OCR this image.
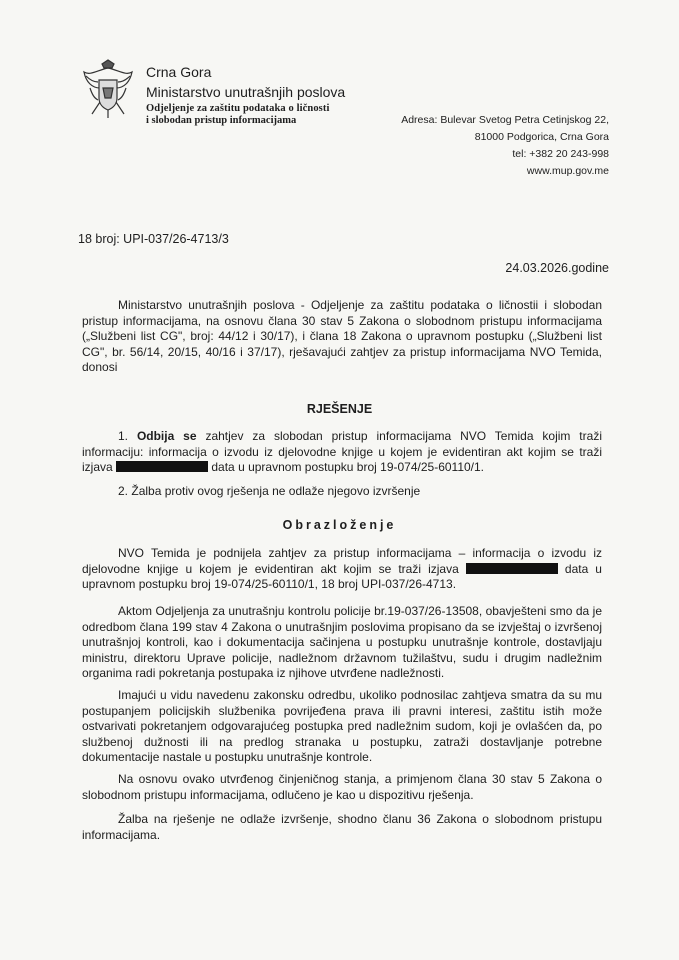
Crna Gora
Ministarstvo unutrašnjih poslova
Odjeljenje za zaštitu podataka o ličnosti
i slobodan pristup informacijama	Adresa: Bulevar Svetog Petra Cetinjskog 22,
81000 Podgorica, Crna Gora
tel: +382 20 243-998
www.mup.gov.me
18 broj: UPI-037/26-4713/3
24.03.2026.godine
Ministarstvo unutrašnjih poslova - Odjeljenje za zaštitu podataka o ličnostii i slobodan pristup informacijama, na osnovu člana 30 stav 5 Zakona o slobodnom pristupu informacijama („Službeni list CG", broj: 44/12 i 30/17), i člana 18 Zakona o upravnom postupku („Službeni list CG", br. 56/14, 20/15, 40/16 i 37/17), rješavajući zahtjev za pristup informacijama NVO Temida, donosi
RJEŠENJE
1. Odbija se zahtjev za slobodan pristup informacijama NVO Temida kojim traži informaciju: informacija o izvodu iz djelovodne knjige u kojem je evidentiran akt kojim se traži izjava	data u upravnom postupku broj 19-074/25-60110/1.
2. Žalba protiv ovog rješenja ne odlaže njegovo izvršenje
Obrazloženje
NVO Temida je podnijela zahtjev za pristup informacijama – informacija o izvodu iz djelovodne knjige u kojem je evidentiran akt kojim se traži izjava	data u upravnom postupku broj 19-074/25-60110/1, 18 broj UPI-037/26-4713.
Aktom Odjeljenja za unutrašnju kontrolu policije br.19-037/26-13508, obavješteni smo da je odredbom člana 199 stav 4 Zakona o unutrašnjim poslovima propisano da se izvještaj o izvršenoj unutrašnjoj kontroli, kao i dokumentacija sačinjena u postupku unutrašnje kontrole, dostavljaju ministru, direktoru Uprave policije, nadležnom državnom tužilaštvu, sudu i drugim nadležnim organima radi pokretanja postupaka iz njihove utvrđene nadležnosti.
Imajući u vidu navedenu zakonsku odredbu, ukoliko podnosilac zahtjeva smatra da su mu postupanjem policijskih službenika povrijeđena prava ili pravni interesi, zaštitu istih može ostvarivati pokretanjem odgovarajućeg postupka pred nadležnim sudom, koji je ovlašćen da, po službenoj dužnosti ili na predlog stranaka u postupku, zatraži dostavljanje potrebne dokumentacije nastale u postupku unutrašnje kontrole.
Na osnovu ovako utvrđenog činjeničnog stanja, a primjenom člana 30 stav 5 Zakona o slobodnom pristupu informacijama, odlučeno je kao u dispozitivu rješenja.
Žalba na rješenje ne odlaže izvršenje, shodno članu 36 Zakona o slobodnom pristupu informacijama.
